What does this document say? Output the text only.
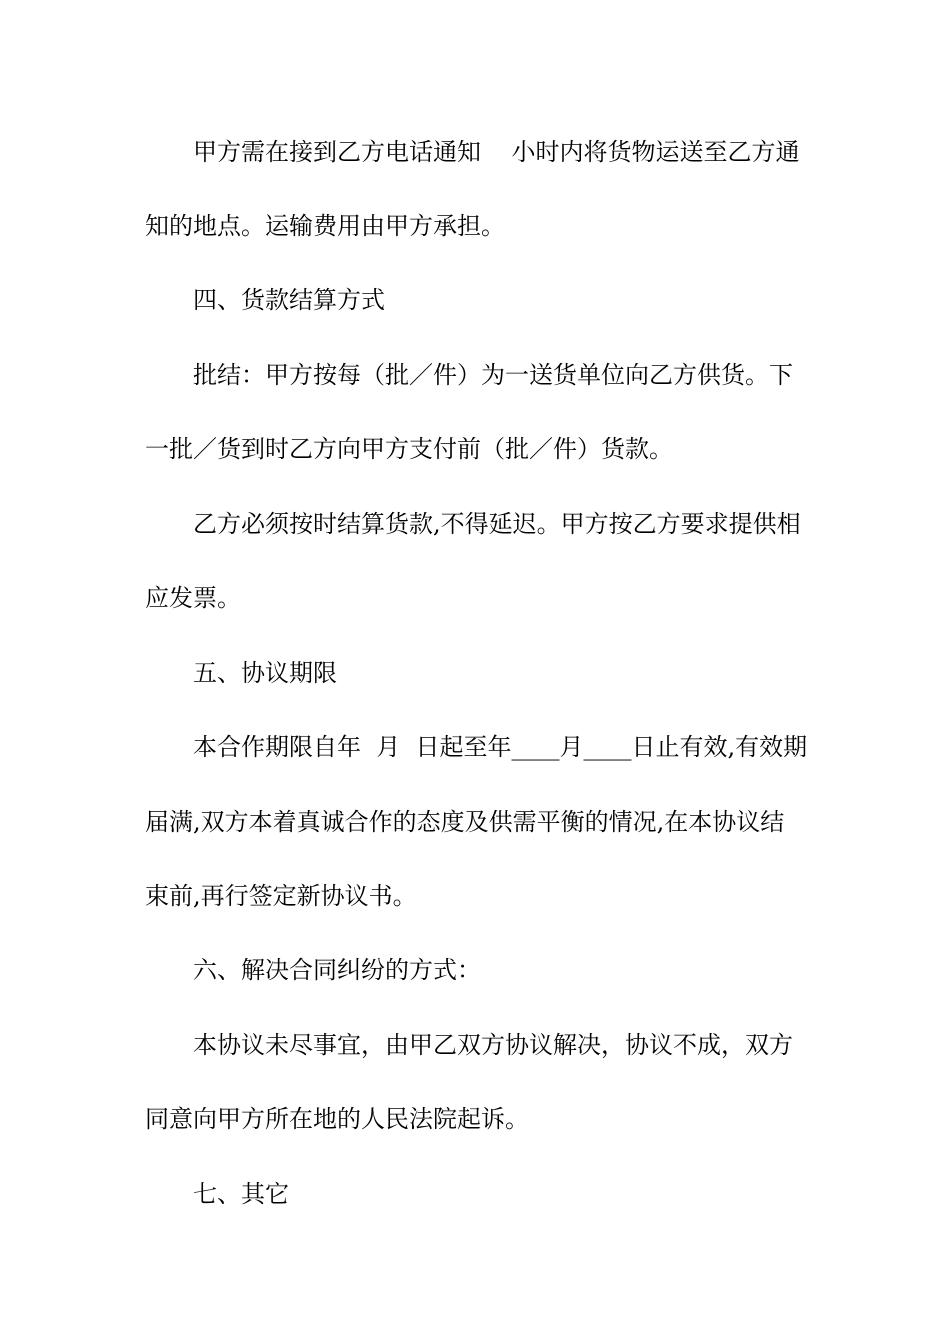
甲方需在接到乙方电话通知    小时内将货物运送至乙方通
知的地点。运输费用由甲方承担。
四、货款结算方式
批结：甲方按每（批／件）为一送货单位向乙方供货。下
一批／货到时乙方向甲方支付前（批／件）货款。
乙方必须按时结算货款,不得延迟。甲方按乙方要求提供相
应发票。
五、协议期限
本合作期限自年  月  日起至年____月____日止有效,有效期
届满,双方本着真诚合作的态度及供需平衡的情况,在本协议结
束前,再行签定新协议书。
六、解决合同纠纷的方式：
本协议未尽事宜，由甲乙双方协议解决，协议不成，双方
同意向甲方所在地的人民法院起诉。
七、其它
